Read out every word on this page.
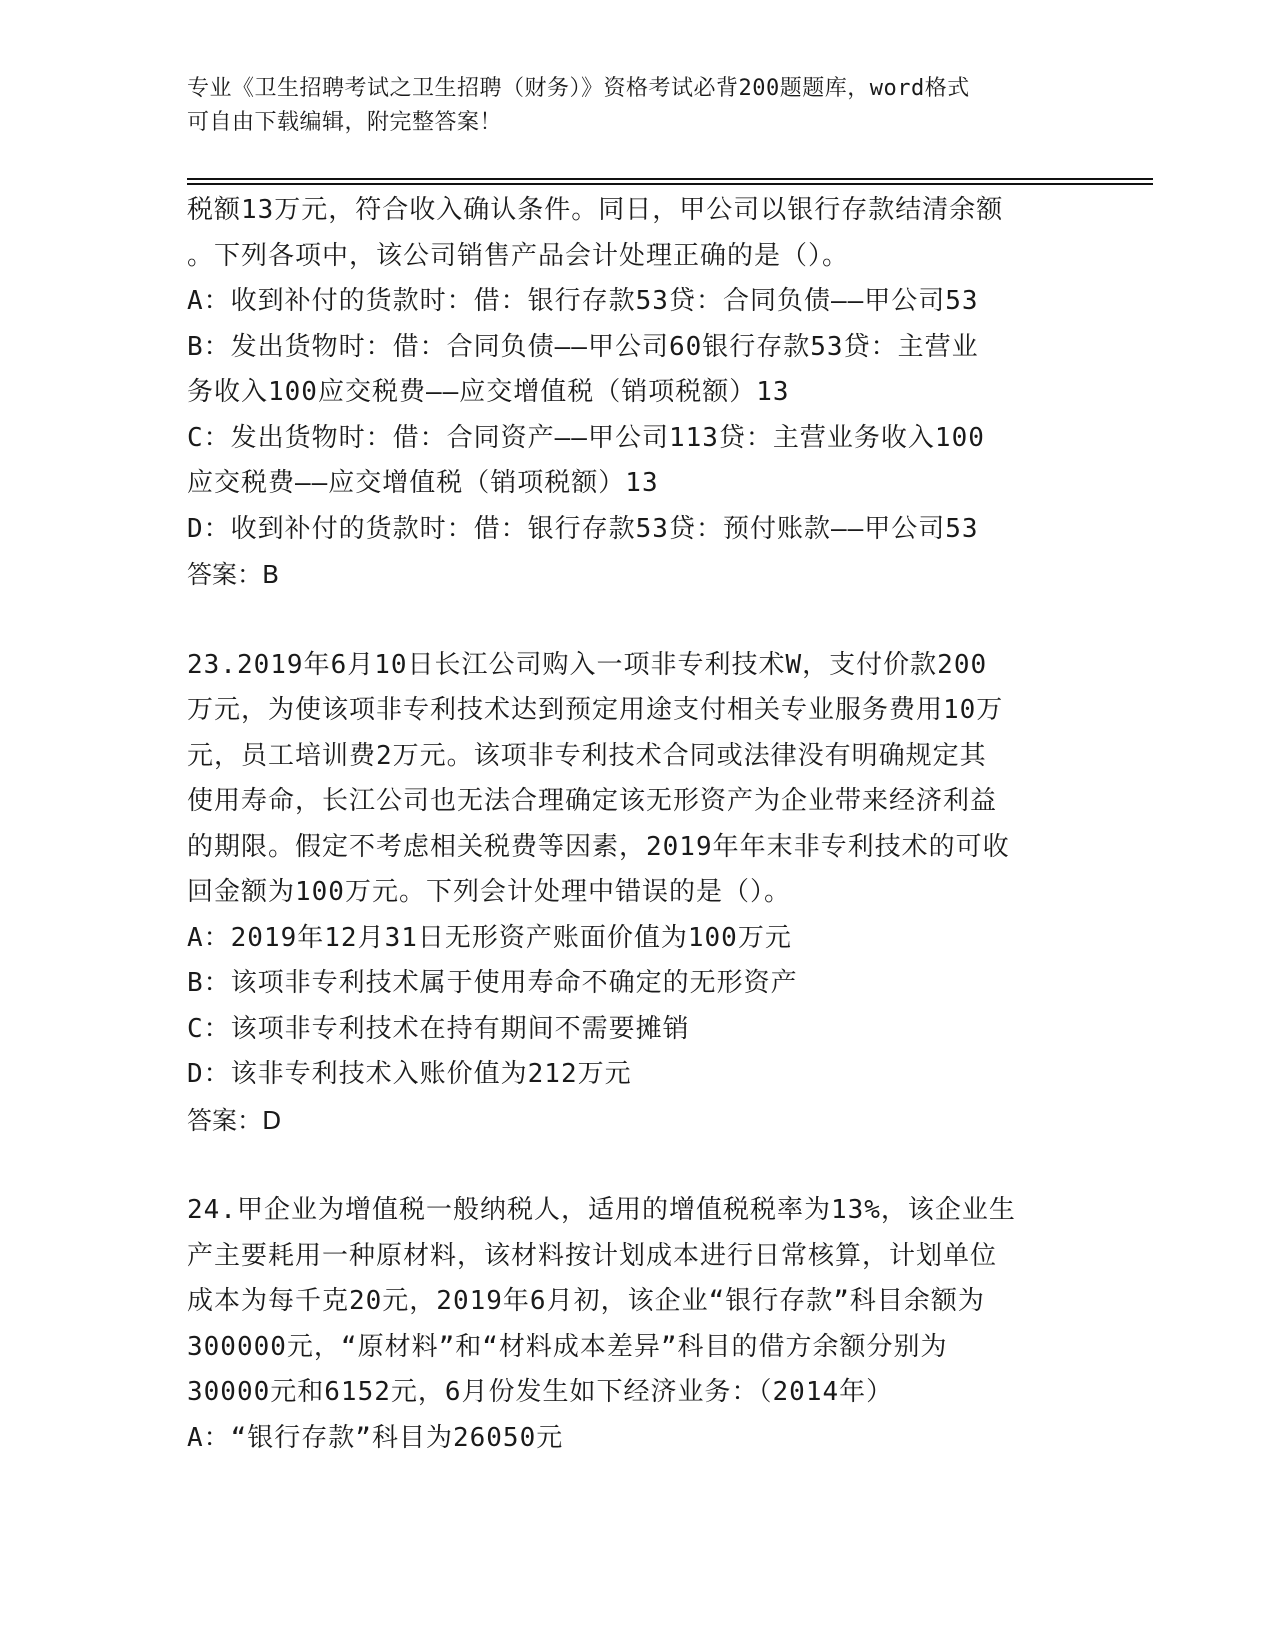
专业《卫生招聘考试之卫生招聘（财务）》资格考试必背200题题库，word格式
可自由下载编辑，附完整答案！
税额13万元，符合收入确认条件。同日，甲公司以银行存款结清余额
。下列各项中，该公司销售产品会计处理正确的是（）。
A：收到补付的货款时：借：银行存款53贷：合同负债——甲公司53
B：发出货物时：借：合同负债——甲公司60银行存款53贷：主营业
务收入100应交税费——应交增值税（销项税额）13
C：发出货物时：借：合同资产——甲公司113贷：主营业务收入100
应交税费——应交增值税（销项税额）13
D：收到补付的货款时：借：银行存款53贷：预付账款——甲公司53
答案：B
23.2019年6月10日长江公司购入一项非专利技术W，支付价款200
万元，为使该项非专利技术达到预定用途支付相关专业服务费用10万
元，员工培训费2万元。该项非专利技术合同或法律没有明确规定其
使用寿命，长江公司也无法合理确定该无形资产为企业带来经济利益
的期限。假定不考虑相关税费等因素，2019年年末非专利技术的可收
回金额为100万元。下列会计处理中错误的是（）。
A：2019年12月31日无形资产账面价值为100万元
B：该项非专利技术属于使用寿命不确定的无形资产
C：该项非专利技术在持有期间不需要摊销
D：该非专利技术入账价值为212万元
答案：D
24.甲企业为增值税一般纳税人，适用的增值税税率为13%，该企业生
产主要耗用一种原材料，该材料按计划成本进行日常核算，计划单位
成本为每千克20元，2019年6月初，该企业“银行存款”科目余额为
300000元，“原材料”和“材料成本差异”科目的借方余额分别为
30000元和6152元，6月份发生如下经济业务：（2014年）
A：“银行存款”科目为26050元
